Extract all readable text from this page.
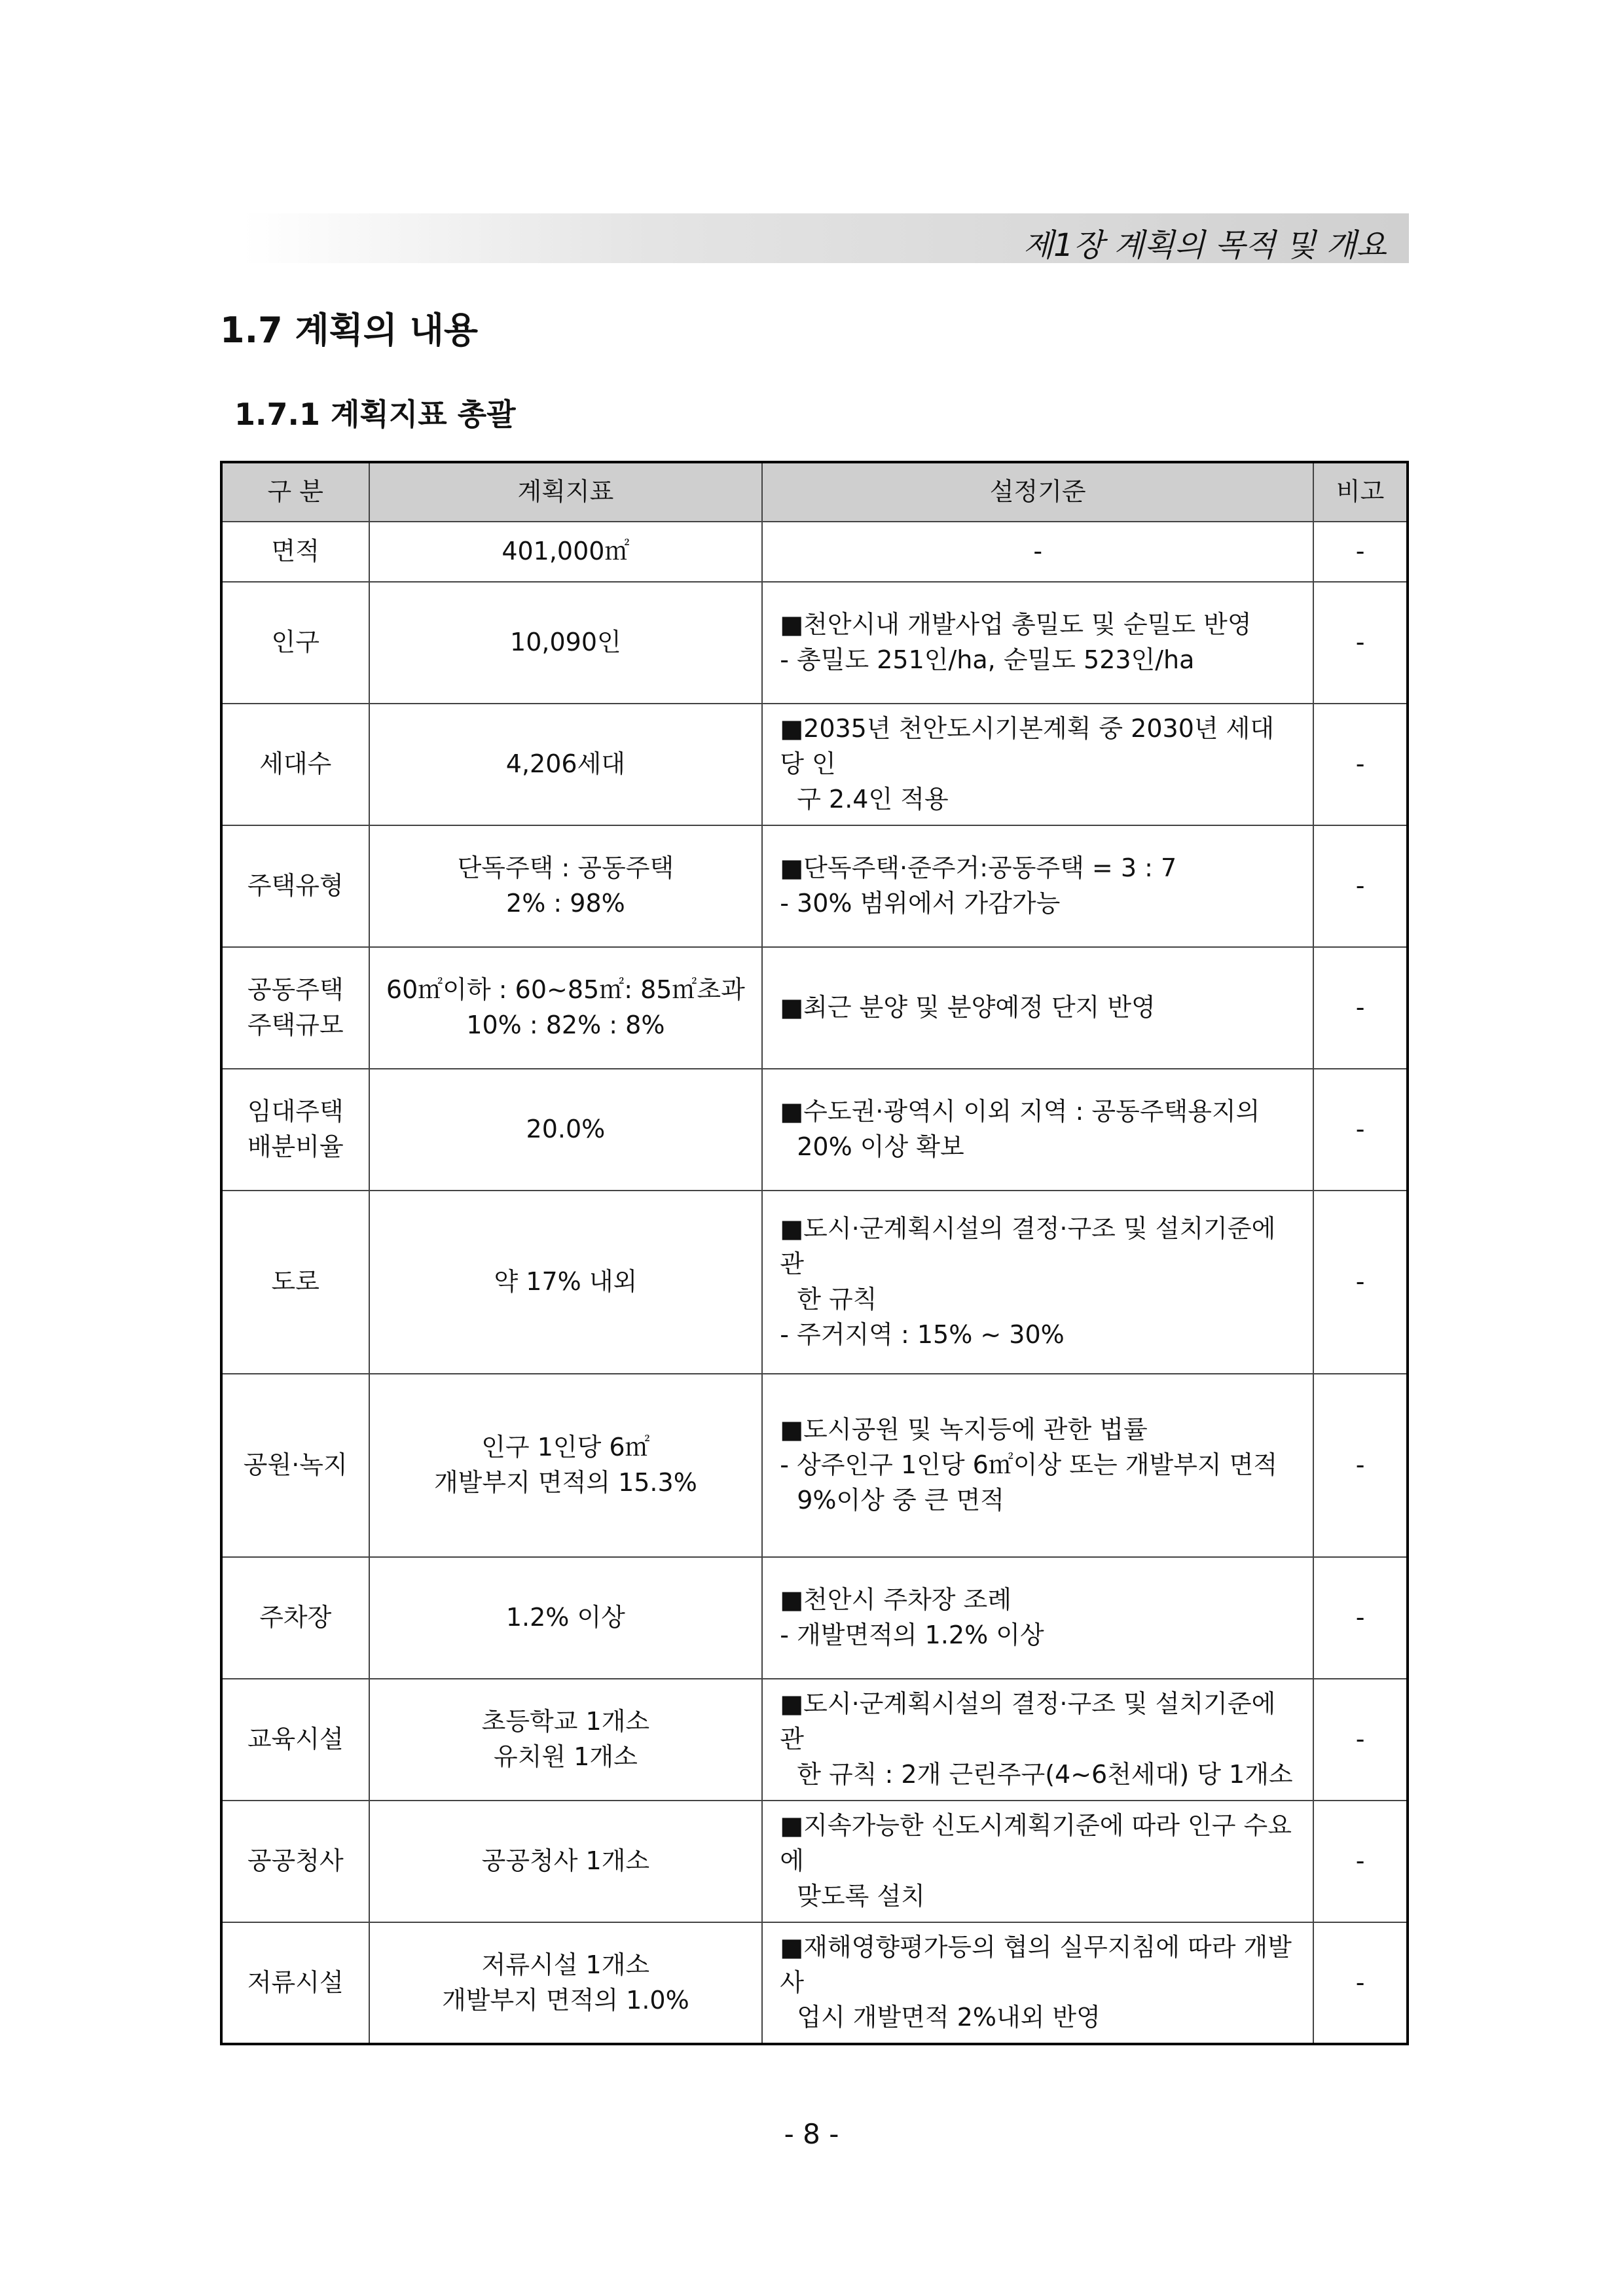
제1장 계획의 목적 및 개요
1.7 계획의 내용
1.7.1 계획지표 총괄
구 분	계획지표	설정기준	비고

면적	401,000㎡	-	-

인구	10,090인	■천안시내 개발사업 총밀도 및 순밀도 반영
- 총밀도 251인/ha, 순밀도 523인/ha	-

세대수	4,206세대	■2035년 천안도시기본계획 중 2030년 세대당 인
구 2.4인 적용	-

주택유형	단독주택 : 공동주택
2% : 98%	■단독주택·준주거:공동주택 = 3 : 7
- 30% 범위에서 가감가능	-

공동주택
주택규모	60㎡이하 : 60~85㎡: 85㎡초과
10% : 82% : 8%	■최근 분양 및 분양예정 단지 반영	-

임대주택
배분비율	20.0%	■수도권·광역시 이외 지역 : 공동주택용지의
20% 이상 확보	-

도로	약 17% 내외	■도시·군계획시설의 결정·구조 및 설치기준에 관
한 규칙
- 주거지역 : 15% ~ 30%	-

공원·녹지	인구 1인당 6㎡
개발부지 면적의 15.3%	■도시공원 및 녹지등에 관한 법률
- 상주인구 1인당 6㎡이상 또는 개발부지 면적
9%이상 중 큰 면적	-

주차장	1.2% 이상	■천안시 주차장 조례
- 개발면적의 1.2% 이상	-

교육시설	초등학교 1개소
유치원 1개소	■도시·군계획시설의 결정·구조 및 설치기준에 관
한 규칙 : 2개 근린주구(4~6천세대) 당 1개소	-

공공청사	공공청사 1개소	■지속가능한 신도시계획기준에 따라 인구 수요에
맞도록 설치	-

저류시설	저류시설 1개소
개발부지 면적의 1.0%	■재해영향평가등의 협의 실무지침에 따라 개발사
업시 개발면적 2%내외 반영	-
- 8 -
